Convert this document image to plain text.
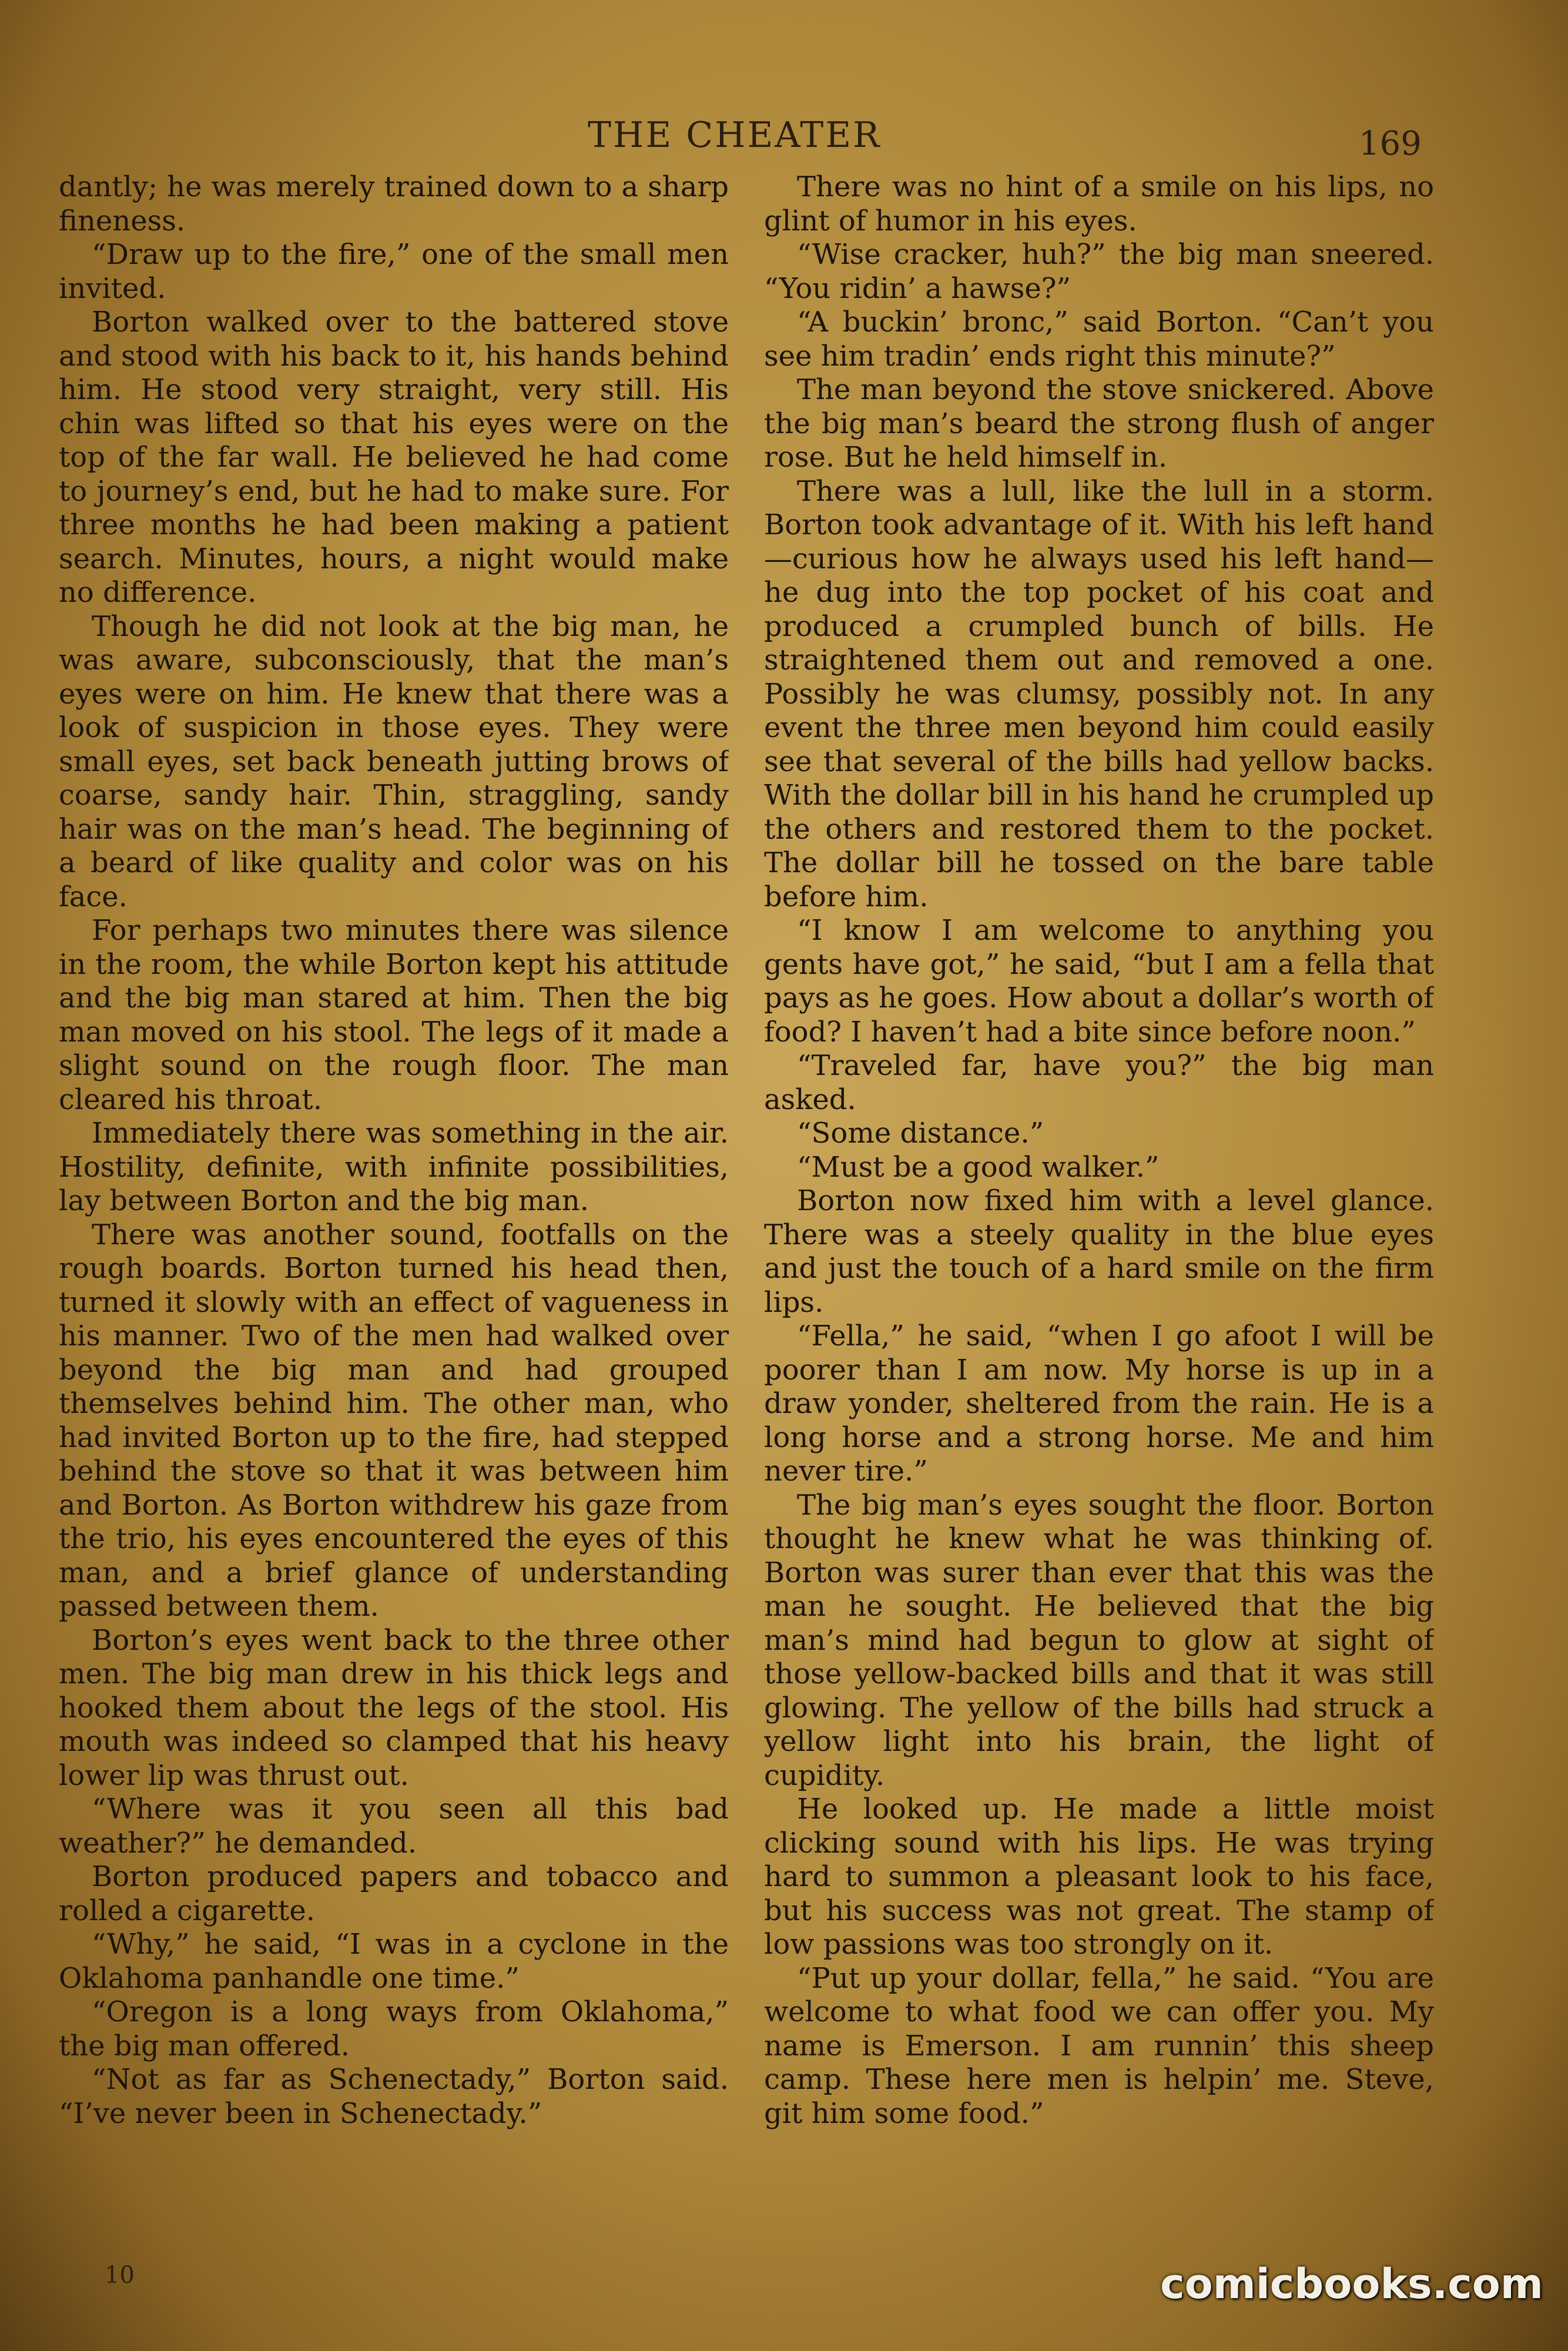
THE CHEATER	169

dantly; he was merely trained down to a sharp fineness.

“Draw up to the fire,” one of the small men invited.

Borton walked over to the battered stove and stood with his back to it, his hands behind him. He stood very straight, very still. His chin was lifted so that his eyes were on the top of the far wall. He believed he had come to journey’s end, but he had to make sure. For three months he had been making a patient search. Minutes, hours, a night would make no difference.

Though he did not look at the big man, he was aware, subconsciously, that the man’s eyes were on him. He knew that there was a look of suspicion in those eyes. They were small eyes, set back beneath jutting brows of coarse, sandy hair. Thin, straggling, sandy hair was on the man’s head. The beginning of a beard of like quality and color was on his face.

For perhaps two minutes there was silence in the room, the while Borton kept his attitude and the big man stared at him. Then the big man moved on his stool. The legs of it made a slight sound on the rough floor. The man cleared his throat.

Immediately there was something in the air. Hostility, definite, with infinite possibilities, lay between Borton and the big man.

There was another sound, footfalls on the rough boards. Borton turned his head then, turned it slowly with an effect of vagueness in his manner. Two of the men had walked over beyond the big man and had grouped themselves behind him. The other man, who had invited Borton up to the fire, had stepped behind the stove so that it was between him and Borton. As Borton withdrew his gaze from the trio, his eyes encountered the eyes of this man, and a brief glance of understanding passed between them.

Borton’s eyes went back to the three other men. The big man drew in his thick legs and hooked them about the legs of the stool. His mouth was indeed so clamped that his heavy lower lip was thrust out.

“Where was it you seen all this bad weather?” he demanded.

Borton produced papers and tobacco and rolled a cigarette.

“Why,” he said, “I was in a cyclone in the Oklahoma panhandle one time.”

“Oregon is a long ways from Oklahoma,” the big man offered.

“Not as far as Schenectady,” Borton said. “I’ve never been in Schenectady.”

There was no hint of a smile on his lips, no glint of humor in his eyes.

“Wise cracker, huh?” the big man sneered. “You ridin’ a hawse?”

“A buckin’ bronc,” said Borton. “Can’t you see him tradin’ ends right this minute?”

The man beyond the stove snickered. Above the big man’s beard the strong flush of anger rose. But he held himself in.

There was a lull, like the lull in a storm. Borton took advantage of it. With his left hand—curious how he always used his left hand—he dug into the top pocket of his coat and produced a crumpled bunch of bills. He straightened them out and removed a one. Possibly he was clumsy, possibly not. In any event the three men beyond him could easily see that several of the bills had yellow backs. With the dollar bill in his hand he crumpled up the others and restored them to the pocket. The dollar bill he tossed on the bare table before him.

“I know I am welcome to anything you gents have got,” he said, “but I am a fella that pays as he goes. How about a dollar’s worth of food? I haven’t had a bite since before noon.”

“Traveled far, have you?” the big man asked.

“Some distance.”

“Must be a good walker.”

Borton now fixed him with a level glance. There was a steely quality in the blue eyes and just the touch of a hard smile on the firm lips.

“Fella,” he said, “when I go afoot I will be poorer than I am now. My horse is up in a draw yonder, sheltered from the rain. He is a long horse and a strong horse. Me and him never tire.”

The big man’s eyes sought the floor. Borton thought he knew what he was thinking of. Borton was surer than ever that this was the man he sought. He believed that the big man’s mind had begun to glow at sight of those yellow-backed bills and that it was still glowing. The yellow of the bills had struck a yellow light into his brain, the light of cupidity.

He looked up. He made a little moist clicking sound with his lips. He was trying hard to summon a pleasant look to his face, but his success was not great. The stamp of low passions was too strongly on it.

“Put up your dollar, fella,” he said. “You are welcome to what food we can offer you. My name is Emerson. I am runnin’ this sheep camp. These here men is helpin’ me. Steve, git him some food.”

10	comicbooks.com
